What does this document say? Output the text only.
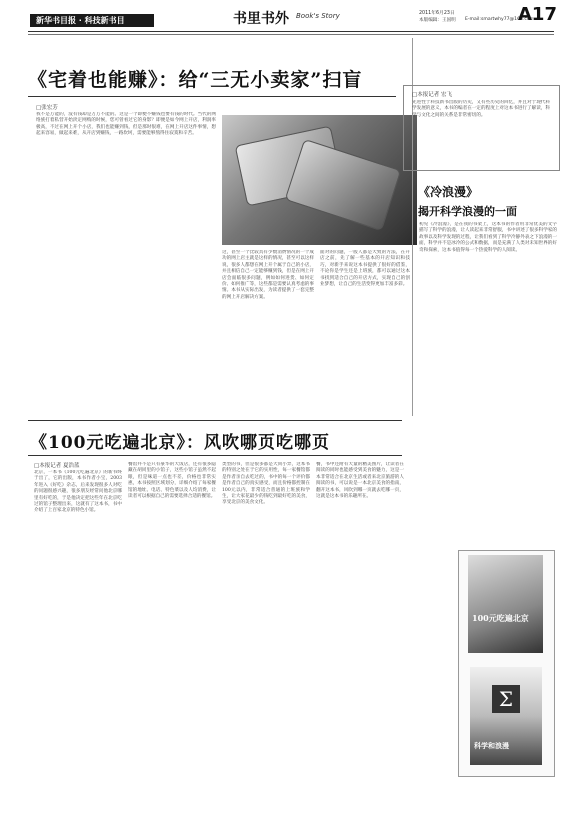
新华书目报 · 科技新书目	书里书外 Book's Story	2011年6月23日
本版编辑：王国明 E-mail:smartwhy77@163.com
A17
《宅着也能赚》：给“三无小卖家”扫盲
□张宏芳
我不是万能的，没有钱却是万万不能的。这是一个即便不赚钱也要有钱的时代。当代的网络族打着私营开始淡定网购的时候，您可曾看过它的身影？即便是如今网上开店，利润率极高，不过在网上开个小店，我们也能赚到钱，但是那时很难，在网上开店这件事情，想起来容易，做起来难，从开店到赚钱，一路坎坷，需要能够熬得住寂寞和辛苦。
这，甚至一个比较具有少数消费情况的一个成功的网上店主就是这样的情况，甚至可以这样说，很多人都想在网上开个属于自己的小店，并且相信自己一定能够赚到钱，但是在网上开店会面临很多问题，例如如何进货、如何定价、如何推广等，这些都是需要认真考虑的事情。本书从实际出发，为读者提供了一套完整的网上开店解决方案。
面对的问题，一般人都是大致的方法，在开店之前，先了解一些基本的开店知识和技巧，对新手来说这本书提供了很好的借鉴，不论你是学生还是上班族，都可以通过这本书找到适合自己的开店方式，实现自己的创业梦想，让自己的生活变得更加丰富多彩。
□本报记者 宏飞
先进性于科技新书出版的历史，又有些历史的回忆，并且对于现代科学发展的意义，本书的编者在一定的程度上对这本书进行了解读，科学与文化之间的关系是非常密切的。
《冷浪漫》
揭开科学浪漫的一面
初见《冷浪漫》，是在我的书架上，这本书的作者用非常优美的文字描写了科学的浪漫，让人读起来非常舒服，书中讲述了很多科学家的故事以及科学发现的过程，让我们看到了科学冷静外表之下浪漫的一面，科学并不是冰冷的公式和数据，而是充满了人类对未知世界的好奇和探索，这本书值得每一个热爱科学的人阅读。
《100元吃遍北京》：风吹哪页吃哪页
□本报记者 夏浩蓝
北京，一本书《100元吃遍北京》的新书终于出了，它的出版，本书作者小宝，2003年进入《好吃》杂志，后来发现很多人对吃的问题很感兴趣，很多朋友经常问他北京哪里有好吃的，于是他决定把这些年在北京吃过的馆子整理出来，这就有了这本书，书中介绍了上百家北京的特色小馆。
餐馆并不是只有豪华的大饭店，还有很多隐藏在胡同里的小馆子，这些小馆子虽然不起眼，但是味道一点也不差，价格也非常实惠，本书按照区域划分，详细介绍了每家餐馆的地址、电话、特色菜以及人均消费，让读者可以根据自己的需要选择合适的餐馆。
类型的书，但是很多都是大同小异，这本书的特别之处在于它的实用性，每一家餐馆都是作者亲自去吃过的，书中的每一个评价都是作者自己的真实感受，而且价格都控制在100元以内，非常适合普通的上班族和学生，让大家花最少的钱吃到最好吃的美食，享受北京的美食文化。
餐，书中还附有大量的精美图片，让读者在阅读的同时也能感受到美食的魅力，这是一本非常适合在北京生活或者来北京旅游的人阅读的书，可以说是一本北京美食的指南，翻开这本书，风吹到哪一页就去吃哪一页，这就是这本书的乐趣所在。
100元吃遍北京
Σ
科学和浪漫
